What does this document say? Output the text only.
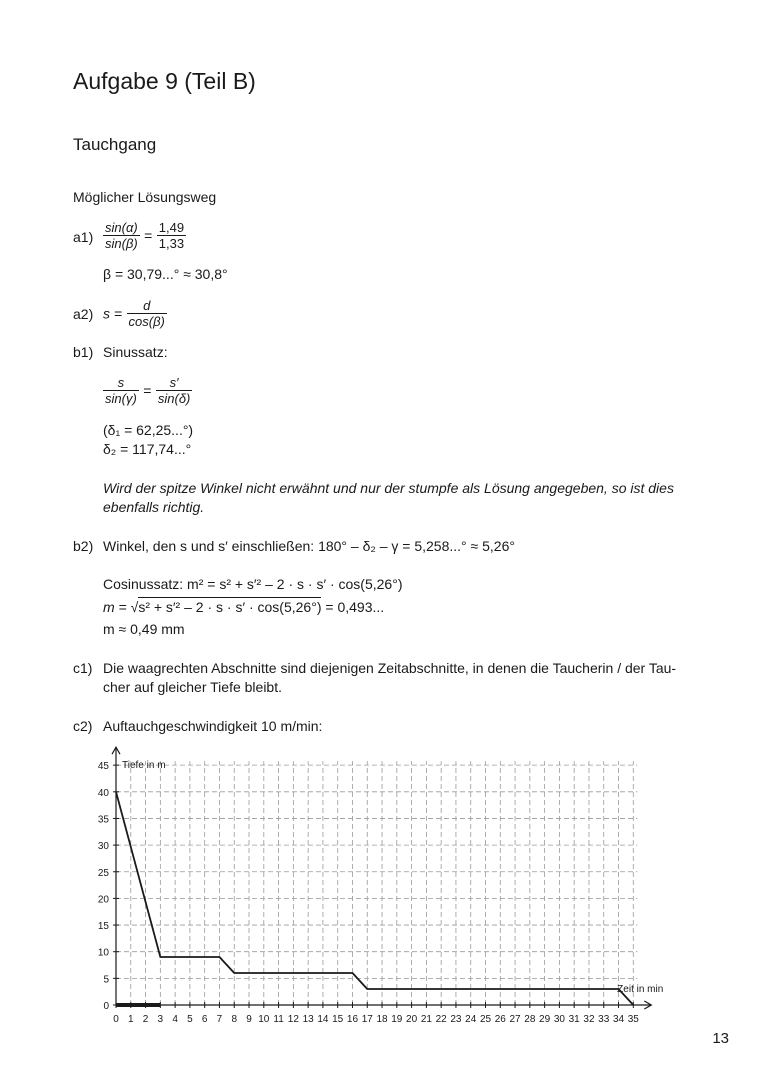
Aufgabe 9 (Teil B)
Tauchgang
Möglicher Lösungsweg
$a1) \frac{\sin(\alpha)}{\sin(\beta)} = \frac{1,49}{1,33}$
β = 30,79...° ≈ 30,8°
a2) $s = \frac{d}{\cos(\beta)}$
b1) Sinussatz:
$\frac{s}{\sin(\gamma)} = \frac{s'}{\sin(\delta)}$
(δ₁ = 62,25...°)
δ₂ = 117,74...°
Wird der spitze Winkel nicht erwähnt und nur der stumpfe als Lösung angegeben, so ist dies
ebenfalls richtig.
b2) Winkel, den s und s′ einschließen: 180° – δ₂ – γ = 5,258...° ≈ 5,26°
Cosinussatz: m² = s² + s′² – 2 · s · s′ · cos(5,26°)
m = √s² + s′² – 2 · s · s′ · cos(5,26°) = 0,493...
m ≈ 0,49 mm
c1) Die waagrechten Abschnitte sind diejenigen Zeitabschnitte, in denen die Taucherin / der Tau-
cher auf gleicher Tiefe bleibt.
c2) Auftauchgeschwindigkeit 10 m/min:
0 1 2 3 4 5 6 7 8 9 10 11 12 13 14 15 16 17 18 19 20 21 22 23 24 25 26 27 28 29 30 31 32 33 34 35
0
5
10
15
20
25
30
35
40
45 Tiefe in m
Zeit in min
13
